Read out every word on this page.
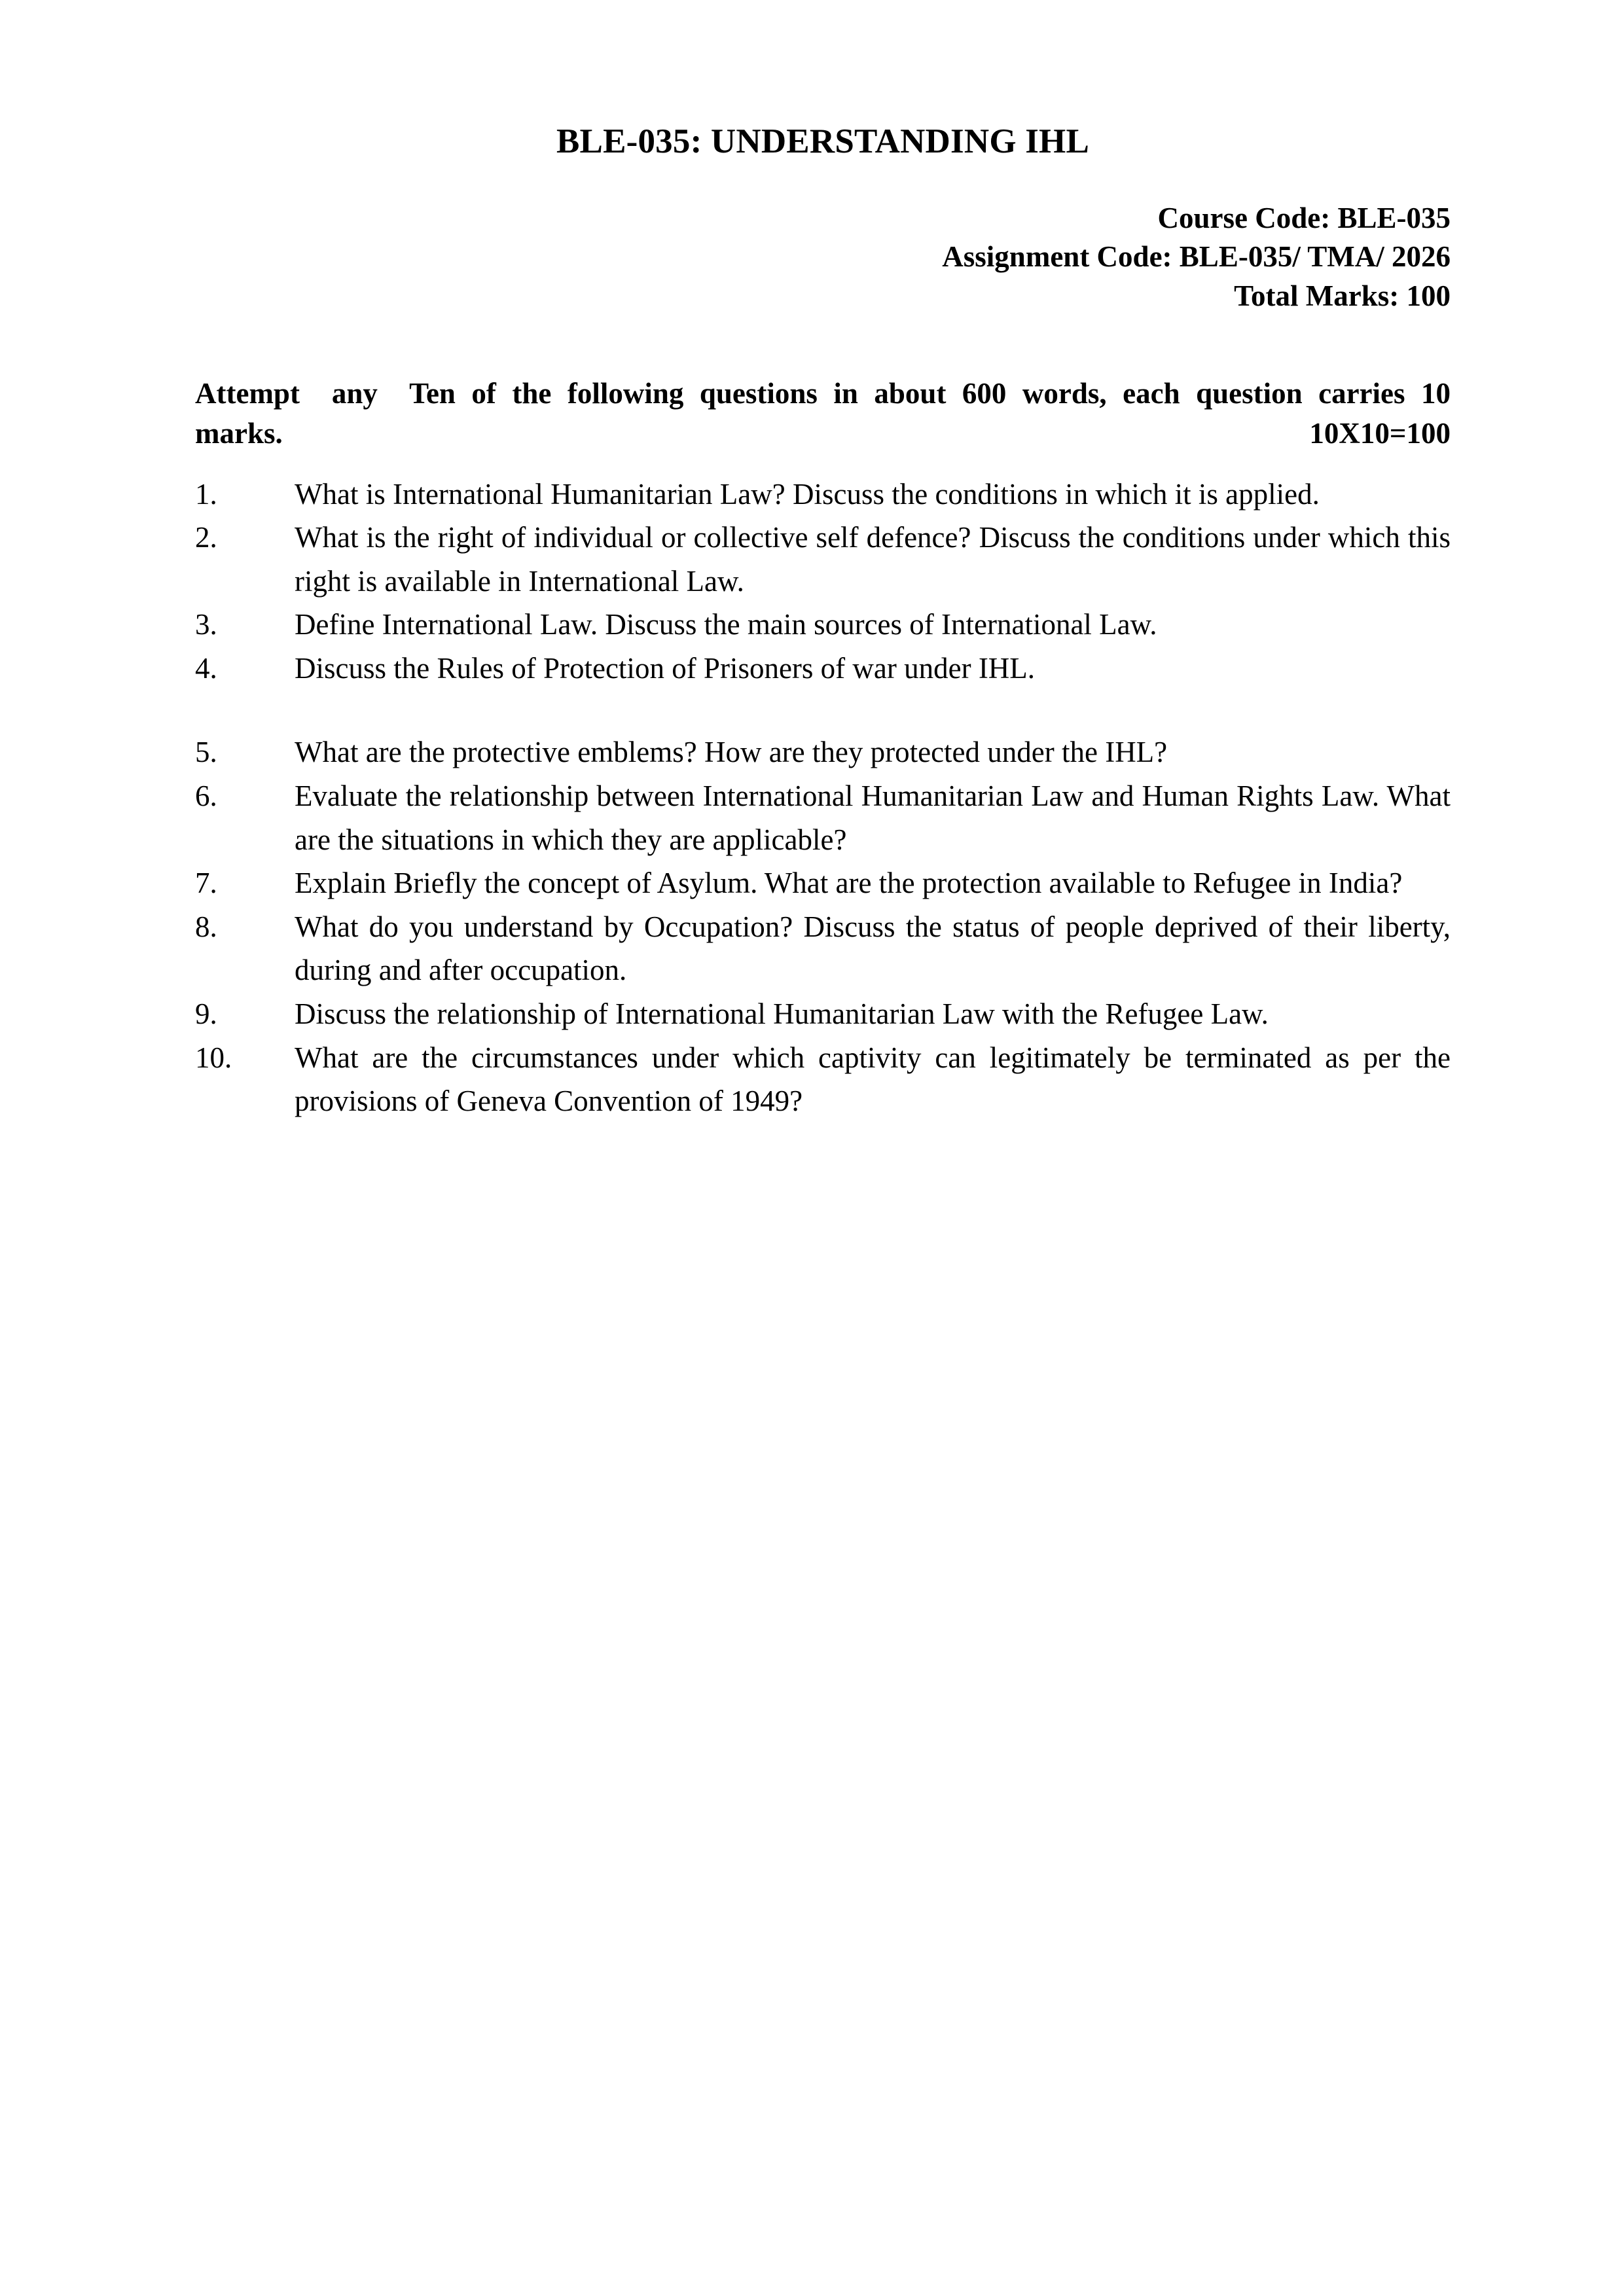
BLE-035: UNDERSTANDING IHL
Course Code: BLE-035
Assignment Code: BLE-035/ TMA/ 2026
Total Marks: 100
Attempt  any  Ten of the following questions in about 600 words, each question carries 10
marks.	10X10=100
1.	What is International Humanitarian Law? Discuss the conditions in which it is applied.
2.	What is the right of individual or collective self defence? Discuss the conditions under which this right is available in International Law.
3.	Define International Law. Discuss the main sources of International Law.
4.	Discuss the Rules of Protection of Prisoners of war under IHL.
5.	What are the protective emblems? How are they protected under the IHL?
6.	Evaluate the relationship between International Humanitarian Law and Human Rights Law. What are the situations in which they are applicable?
7.	Explain Briefly the concept of Asylum. What are the protection available to Refugee in India?
8.	What do you understand by Occupation? Discuss the status of people deprived of their liberty, during and after occupation.
9.	Discuss the relationship of International Humanitarian Law with the Refugee Law.
10.	What are the circumstances under which captivity can legitimately be terminated as per the provisions of Geneva Convention of 1949?
